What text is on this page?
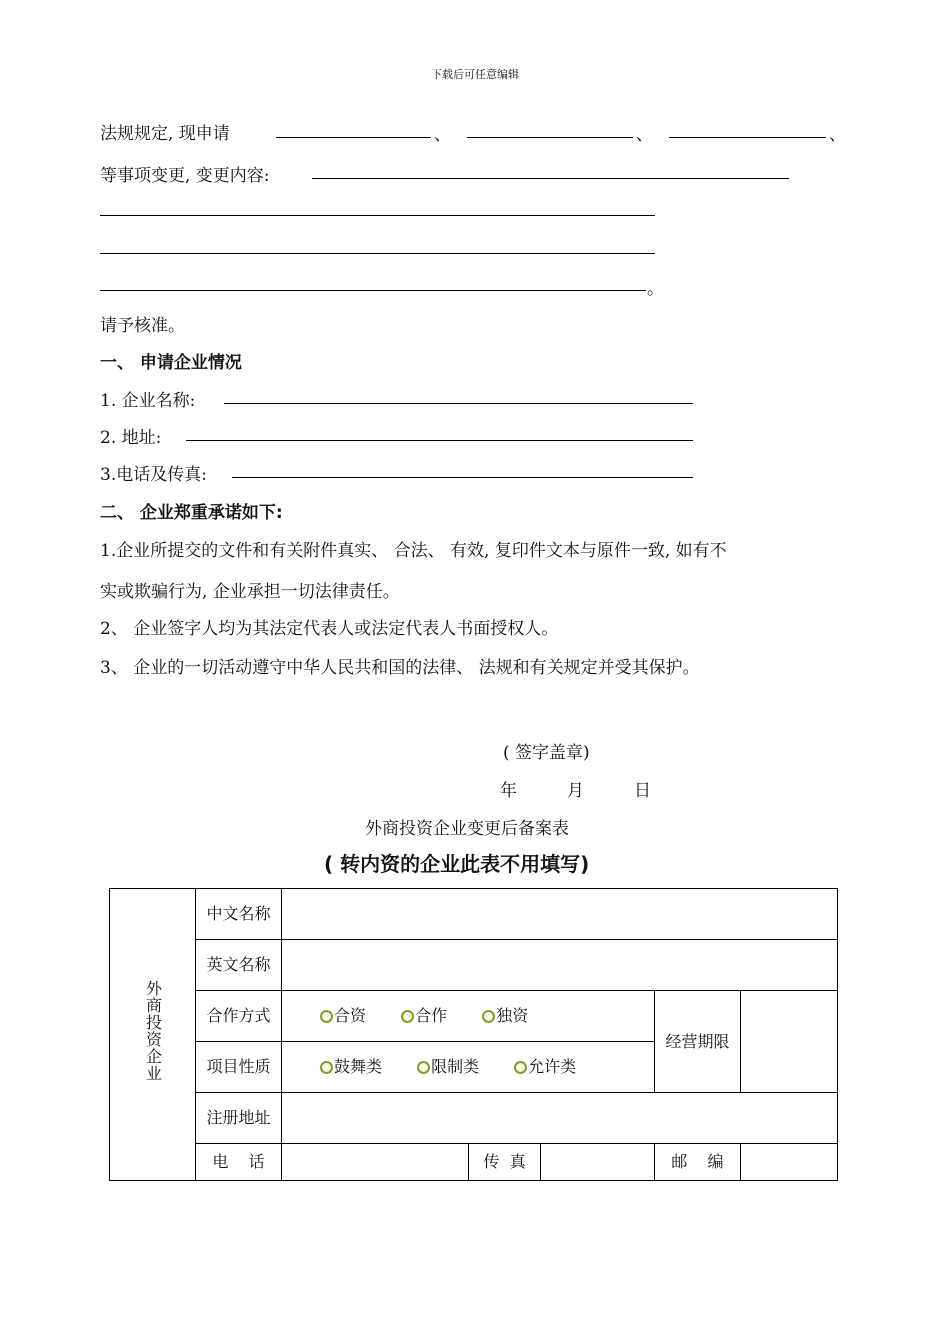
下载后可任意编辑
法规规定, 现申请	、	、	、
等事项变更, 变更内容:
。
请予核准。
一、 申请企业情况
1. 企业名称:
2. 地址:
3.电话及传真:
二、 企业郑重承诺如下:
1.企业所提交的文件和有关附件真实、 合法、 有效, 复印件文本与原件一致, 如有不
实或欺骗行为, 企业承担一切法律责任。
2、 企业签字人均为其法定代表人或法定代表人书面授权人。
3、 企业的一切活动遵守中华人民共和国的法律、 法规和有关规定并受其保护。
( 签字盖章)
年	月	日
外商投资企业变更后备案表
( 转内资的企业此表不用填写)
外商投资企业	中文名称					
	英文名称					
	合作方式	合资 合作 独资			经营期限	
	项目性质	鼓舞类 限制类 允许类				
	注册地址					
	电    话		传  真		邮    编	
